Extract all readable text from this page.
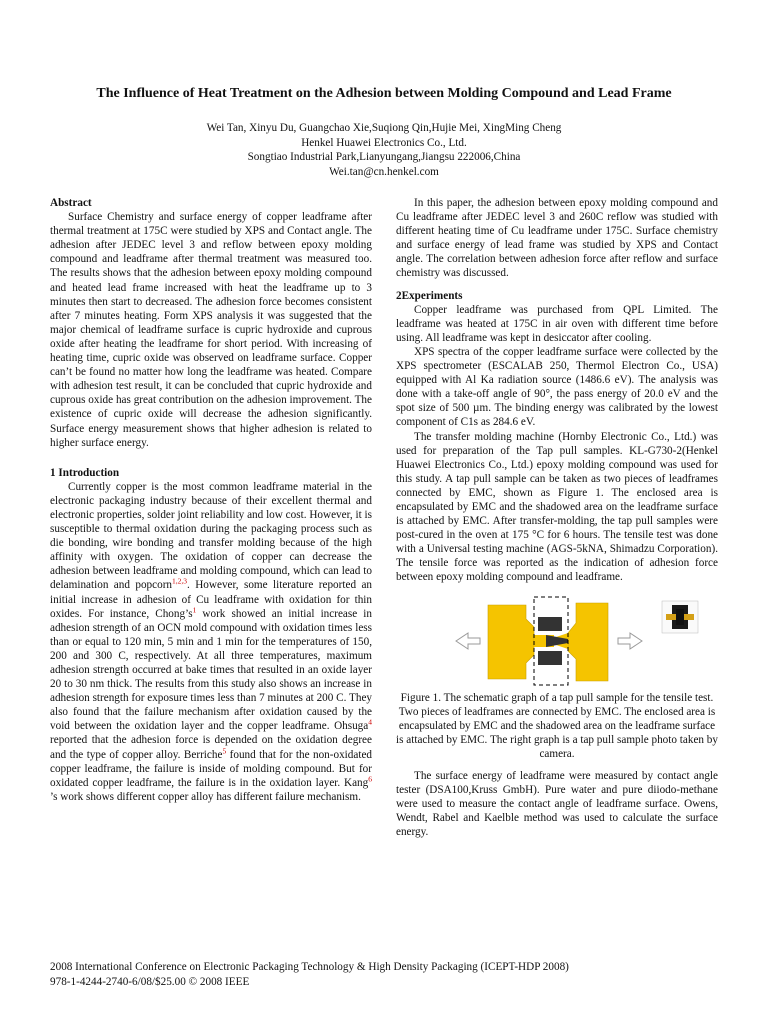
The Influence of Heat Treatment on the Adhesion between Molding Compound and Lead Frame
Wei Tan, Xinyu Du, Guangchao Xie,Suqiong Qin,Hujie Mei, XingMing Cheng
Henkel Huawei Electronics Co., Ltd.
Songtiao Industrial Park,Lianyungang,Jiangsu 222006,China
Wei.tan@cn.henkel.com
Abstract

Surface Chemistry and surface energy of copper leadframe after thermal treatment at 175C were studied by XPS and Contact angle. The adhesion after JEDEC level 3 and reflow between epoxy molding compound and leadframe after thermal treatment was measured too. The results shows that the adhesion between epoxy molding compound and heated lead frame increased with heat the leadframe up to 3 minutes then start to decreased. The adhesion force becomes consistent after 7 minutes heating. Form XPS analysis it was suggested that the major chemical of leadframe surface is cupric hydroxide and cuprous oxide after heating the leadframe for short period. With increasing of heating time, cupric oxide was observed on leadframe surface. Copper can’t be found no matter how long the leadframe was heated. Compare with adhesion test result, it can be concluded that cupric hydroxide and cuprous oxide has great contribution on the adhesion improvement. The existence of cupric oxide will decrease the adhesion significantly. Surface energy measurement shows that higher adhesion is related to higher surface energy.

1 Introduction

Currently copper is the most common leadframe material in the electronic packaging industry because of their excellent thermal and electronic properties, solder joint reliability and low cost. However, it is susceptible to thermal oxidation during the packaging process such as die bonding, wire bonding and transfer molding because of the high affinity with oxygen. The oxidation of copper can decrease the adhesion between leadframe and molding compound, which can lead to delamination and popcorn$^{1,2,3}$. However, some literature reported an initial increase in adhesion of Cu leadframe with oxidation for thin oxides. For instance, $Chong’s^1$ work showed an initial increase in adhesion strength of an OCN mold compound with oxidation times less than or equal to 120 min, 5 min and 1 min for the temperatures of 150, 200 and 300 C, respectively. At all three temperatures, maximum adhesion strength occurred at bake times that resulted in an oxide layer 20 to 30 nm thick. The results from this study also shows an increase in adhesion strength for exposure times less than 7 minutes at 200 C. They also found that the failure mechanism after oxidation caused by the void between the oxidation layer and the copper leadframe. Ohsuga$^4$ reported that the adhesion force is depended on the oxidation degree and the type of copper alloy. Berriche$^5$ found that for the non-oxidated copper leadframe, the failure is inside of molding compound. But for oxidated copper leadframe, the failure is in the oxidation layer. Kang$^6$ ’s work shows different copper alloy has different failure mechanism.

In this paper, the adhesion between epoxy molding compound and Cu leadframe after JEDEC level 3 and 260C reflow was studied with different heating time of Cu leadframe under 175C. Surface chemistry and surface energy of lead frame was studied by XPS and Contact angle. The correlation between adhesion force after reflow and surface chemistry was discussed.

2Experiments

Copper leadframe was purchased from QPL Limited. The leadframe was heated at 175C in air oven with different time before using. All leadframe was kept in desiccator after cooling.

XPS spectra of the copper leadframe surface were collected by the XPS spectrometer (ESCALAB 250, Thermol Electron Co., USA) equipped with Al Ka radiation source (1486.6 eV). The analysis was done with a take-off angle of 90°, the pass energy of 20.0 eV and the spot size of 500 µm. The binding energy was calibrated by the lowest component of C1s as 284.6 eV.

The transfer molding machine (Hornby Electronic Co., Ltd.) was used for preparation of the Tap pull samples. KL-G730-2(Henkel Huawei Electronics Co., Ltd.) epoxy molding compound was used for this study. A tap pull sample can be taken as two pieces of leadframes connected by EMC, shown as Figure 1. The enclosed area is encapsulated by EMC and the shadowed area on the leadframe surface is attached by EMC. After transfer-molding, the tap pull samples were post-cured in the oven at 175 °C for 6 hours. The tensile test was done with a Universal testing machine (AGS-5kNA, Shimadzu Corporation). The tensile force was reported as the indication of adhesion force between epoxy molding compound and leadframe.

Figure 1. The schematic graph of a tap pull sample for the tensile test. Two pieces of leadframes are connected by EMC. The enclosed area is encapsulated by EMC and the shadowed area on the leadframe surface is attached by EMC. The right graph is a tap pull sample photo taken by camera.

The surface energy of leadframe were measured by contact angle tester (DSA100,Kruss GmbH). Pure water and pure diiodo-methane were used to measure the contact angle of leadframe surface. Owens, Wendt, Rabel and Kaelble method was used to calculate the surface energy.

2008 International Conference on Electronic Packaging Technology & High Density Packaging (ICEPT-HDP 2008)
978-1-4244-2740-6/08/$25.00 © 2008 IEEE
